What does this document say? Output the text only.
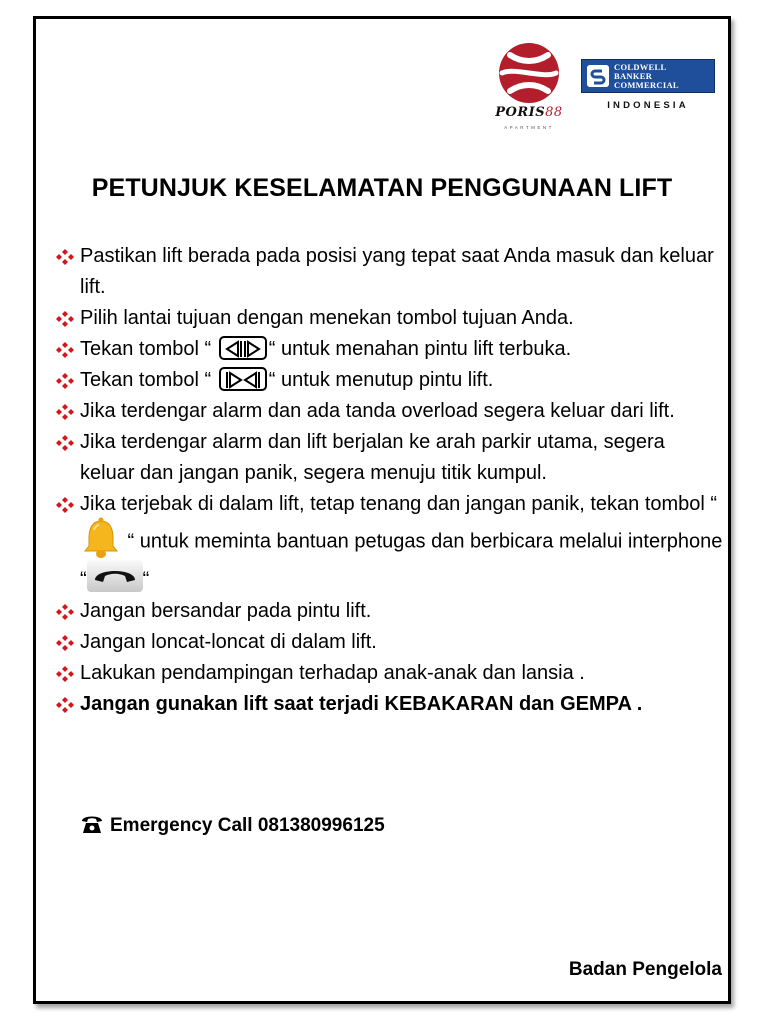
PORIS88
APARTMENT
COLDWELL
BANKER
COMMERCIAL
INDONESIA
PETUNJUK KESELAMATAN PENGGUNAAN LIFT
Pastikan lift berada pada posisi yang tepat saat Anda masuk dan keluar lift.
Pilih lantai tujuan dengan menekan tombol tujuan Anda.
Tekan tombol “	“ untuk menahan pintu lift terbuka.
Tekan tombol “	“ untuk menutup pintu lift.
Jika terdengar alarm dan ada tanda overload segera keluar dari lift.
Jika terdengar alarm dan lift berjalan ke arah parkir utama, segera keluar dan jangan panik, segera menuju titik kumpul.
Jika terjebak di dalam lift, tetap tenang dan jangan panik, tekan tombol “  “ untuk meminta bantuan petugas dan berbicara melalui interphone “	“
Jangan bersandar pada pintu lift.
Jangan loncat-loncat di dalam lift.
Lakukan pendampingan terhadap anak-anak dan lansia .
Jangan gunakan lift saat terjadi KEBAKARAN dan GEMPA .
Emergency Call 081380996125
Badan Pengelola
